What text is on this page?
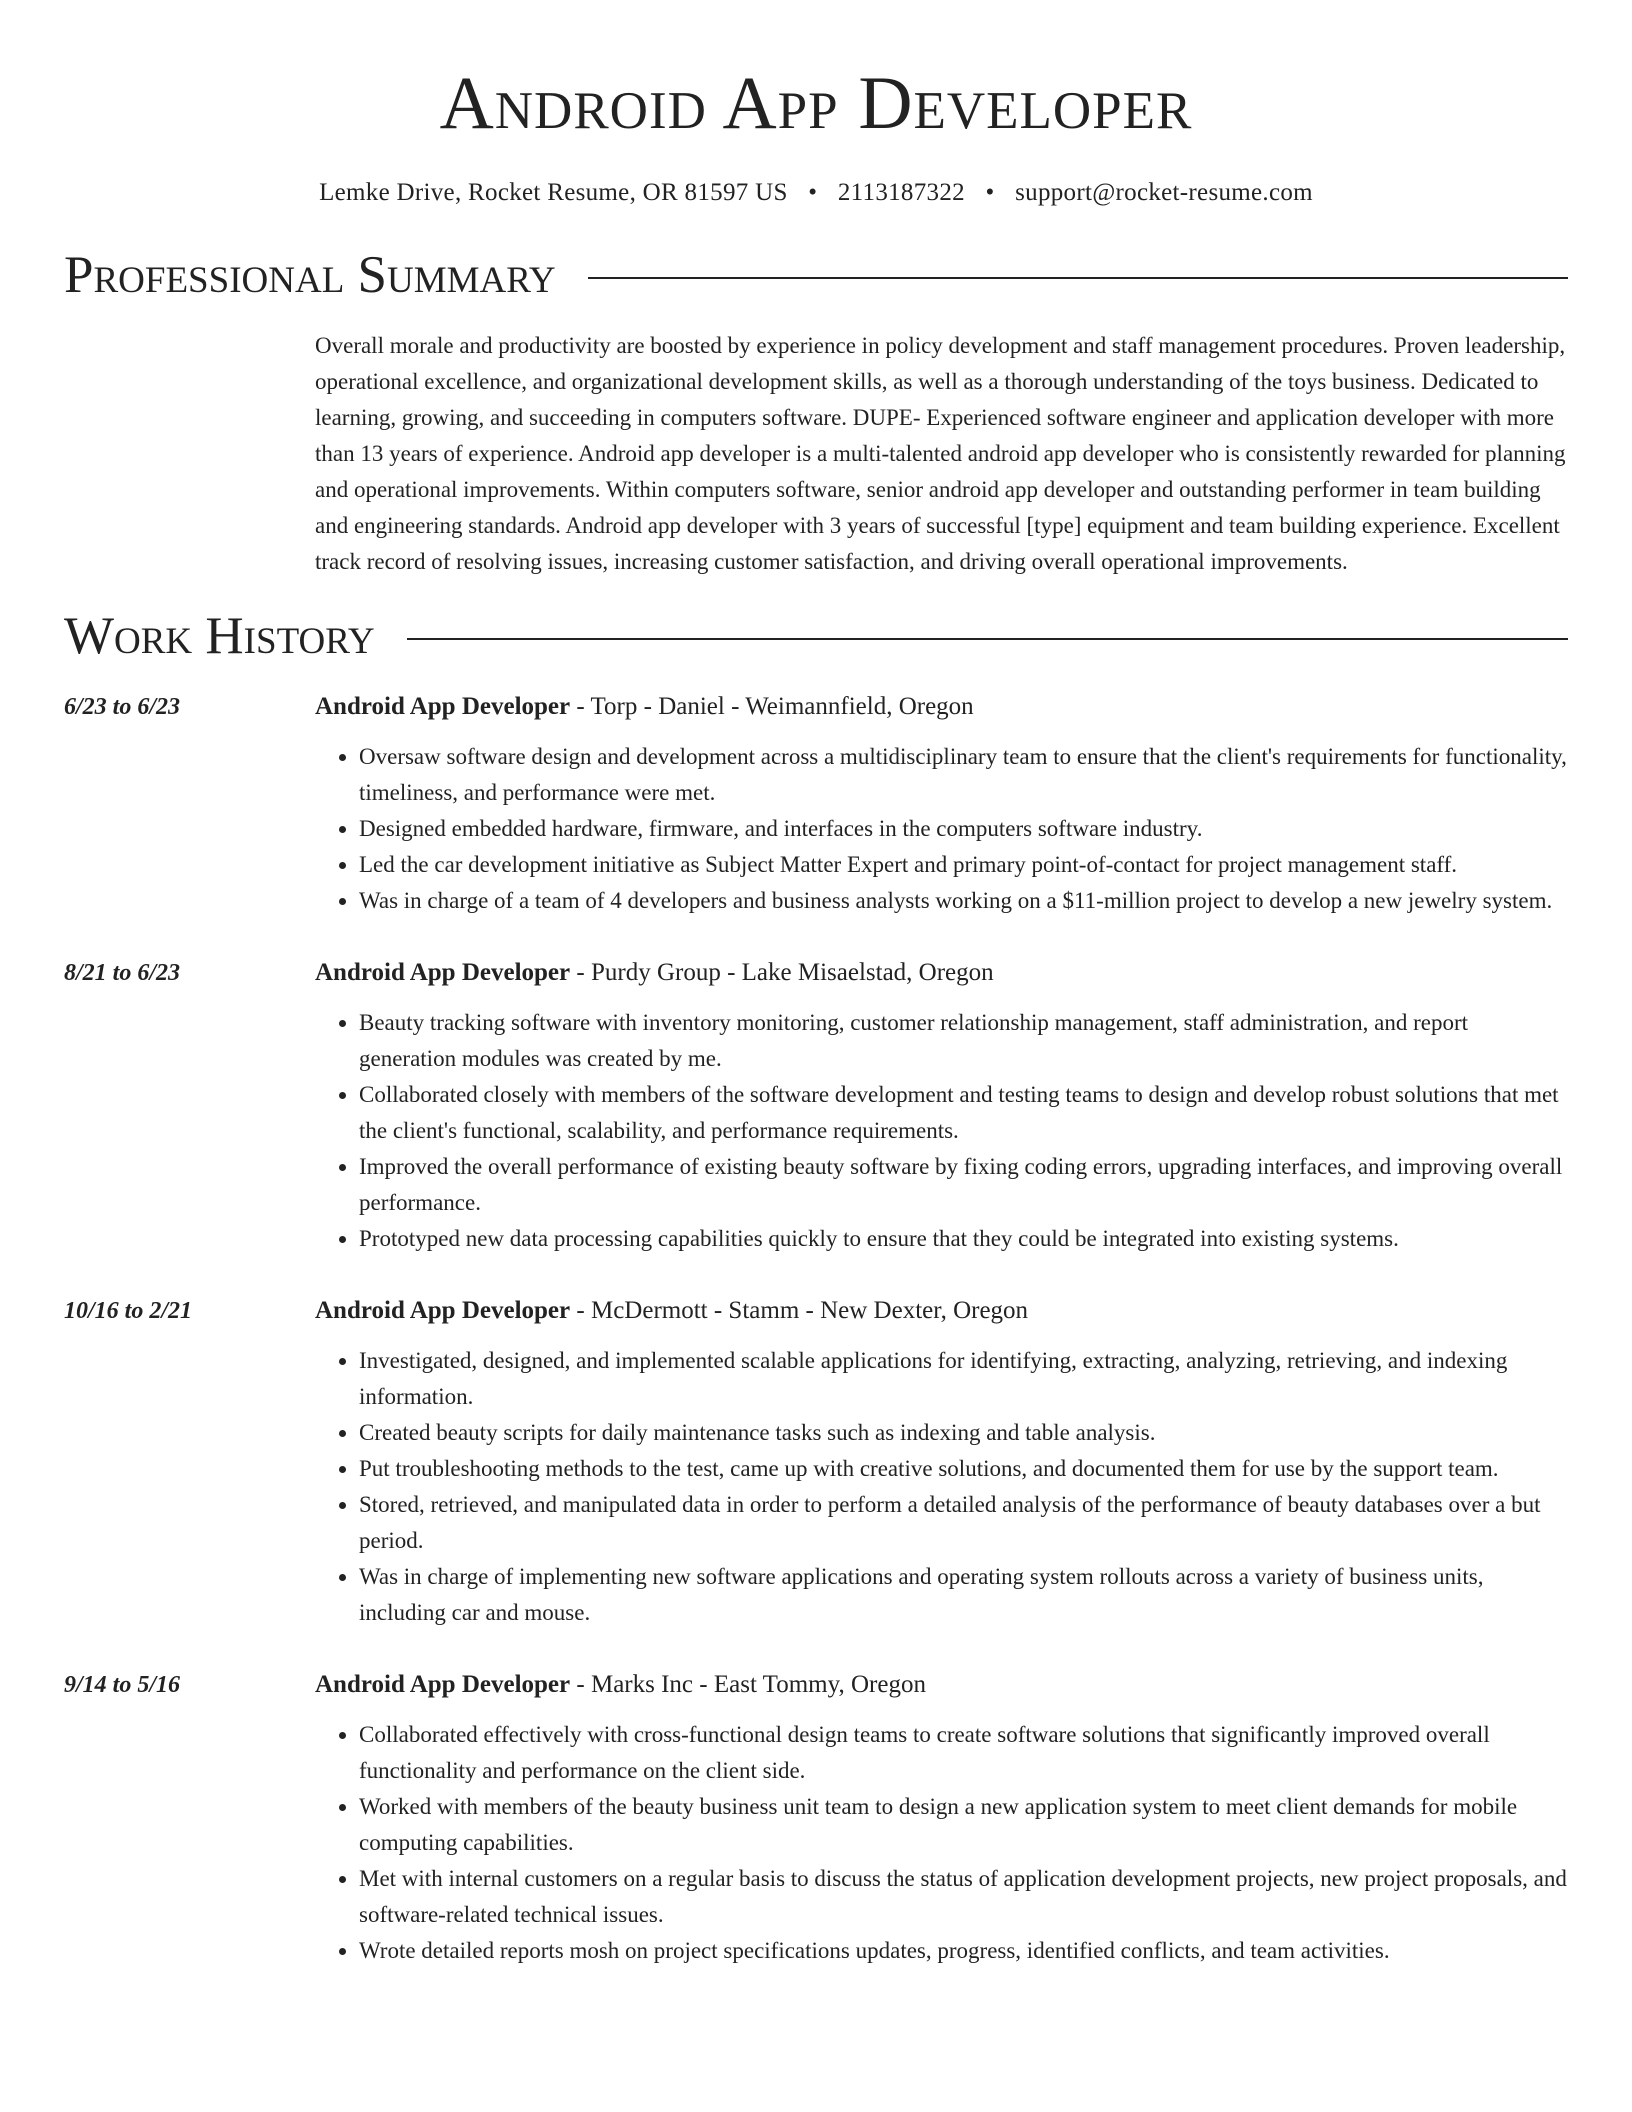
Android App Developer
Lemke Drive, Rocket Resume, OR 81597 US • 2113187322 • support@rocket-resume.com
Professional Summary
Overall morale and productivity are boosted by experience in policy development and staff management procedures. Proven leadership, operational excellence, and organizational development skills, as well as a thorough understanding of the toys business. Dedicated to learning, growing, and succeeding in computers software. DUPE- Experienced software engineer and application developer with more than 13 years of experience. Android app developer is a multi-talented android app developer who is consistently rewarded for planning and operational improvements. Within computers software, senior android app developer and outstanding performer in team building and engineering standards. Android app developer with 3 years of successful [type] equipment and team building experience. Excellent track record of resolving issues, increasing customer satisfaction, and driving overall operational improvements.
Work History
6/23 to 6/23	Android App Developer - Torp - Daniel - Weimannfield, Oregon
• Oversaw software design and development across a multidisciplinary team to ensure that the client's requirements for functionality, timeliness, and performance were met.
• Designed embedded hardware, firmware, and interfaces in the computers software industry.
• Led the car development initiative as Subject Matter Expert and primary point-of-contact for project management staff.
• Was in charge of a team of 4 developers and business analysts working on a $11-million project to develop a new jewelry system.
8/21 to 6/23	Android App Developer - Purdy Group - Lake Misaelstad, Oregon
• Beauty tracking software with inventory monitoring, customer relationship management, staff administration, and report generation modules was created by me.
• Collaborated closely with members of the software development and testing teams to design and develop robust solutions that met the client's functional, scalability, and performance requirements.
• Improved the overall performance of existing beauty software by fixing coding errors, upgrading interfaces, and improving overall performance.
• Prototyped new data processing capabilities quickly to ensure that they could be integrated into existing systems.
10/16 to 2/21	Android App Developer - McDermott - Stamm - New Dexter, Oregon
• Investigated, designed, and implemented scalable applications for identifying, extracting, analyzing, retrieving, and indexing information.
• Created beauty scripts for daily maintenance tasks such as indexing and table analysis.
• Put troubleshooting methods to the test, came up with creative solutions, and documented them for use by the support team.
• Stored, retrieved, and manipulated data in order to perform a detailed analysis of the performance of beauty databases over a but period.
• Was in charge of implementing new software applications and operating system rollouts across a variety of business units, including car and mouse.
9/14 to 5/16	Android App Developer - Marks Inc - East Tommy, Oregon
• Collaborated effectively with cross-functional design teams to create software solutions that significantly improved overall functionality and performance on the client side.
• Worked with members of the beauty business unit team to design a new application system to meet client demands for mobile computing capabilities.
• Met with internal customers on a regular basis to discuss the status of application development projects, new project proposals, and software-related technical issues.
• Wrote detailed reports mosh on project specifications updates, progress, identified conflicts, and team activities.
